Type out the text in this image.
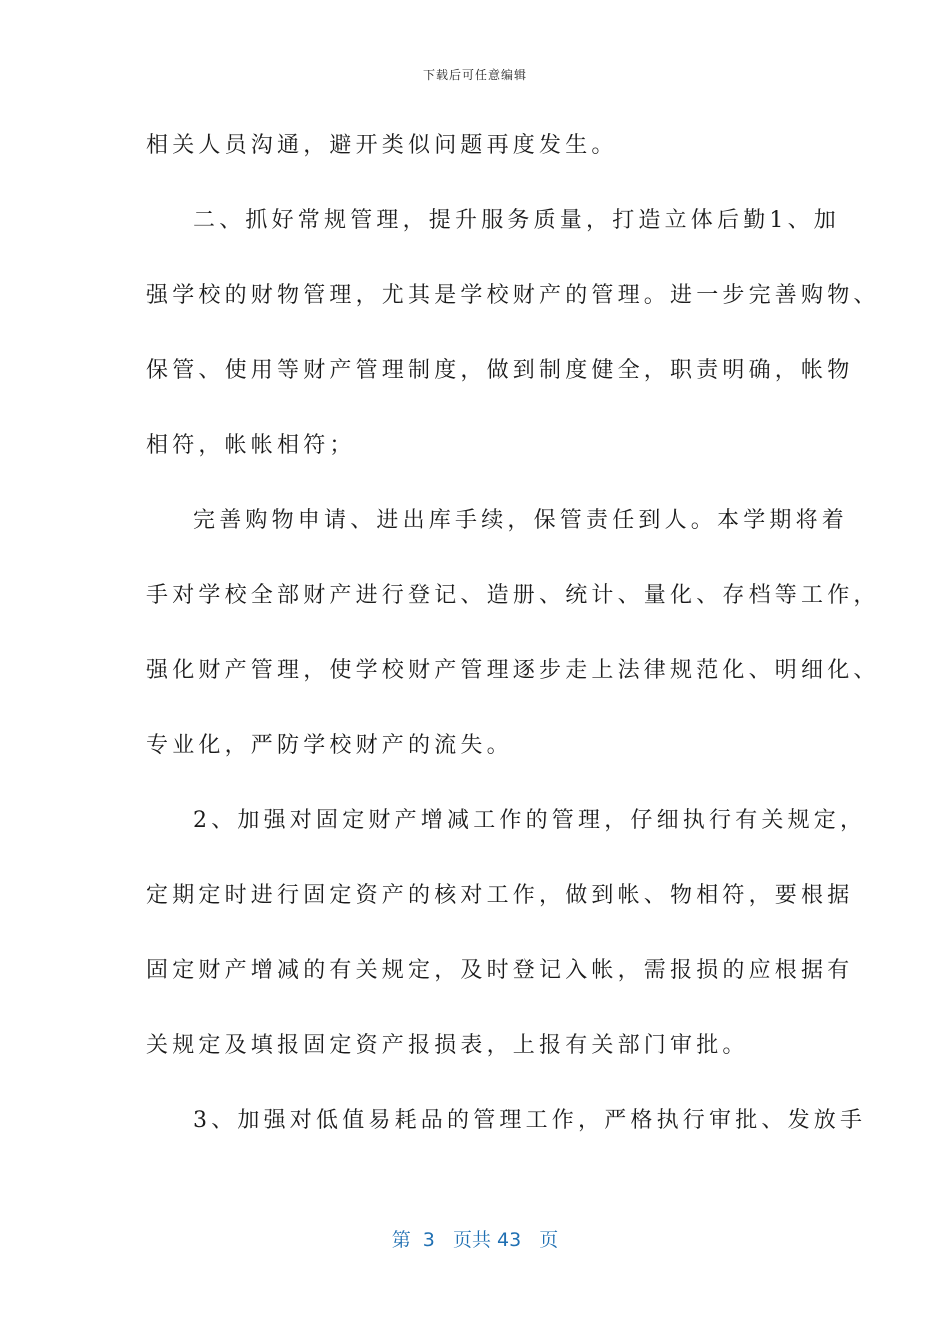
下载后可任意编辑
相关人员沟通，避开类似问题再度发生。
二、抓好常规管理，提升服务质量，打造立体后勤1、加
强学校的财物管理，尤其是学校财产的管理。进一步完善购物、
保管、使用等财产管理制度，做到制度健全，职责明确，帐物
相符，帐帐相符；
完善购物申请、进出库手续，保管责任到人。本学期将着
手对学校全部财产进行登记、造册、统计、量化、存档等工作，
强化财产管理，使学校财产管理逐步走上法律规范化、明细化、
专业化，严防学校财产的流失。
2、加强对固定财产增减工作的管理，仔细执行有关规定，
定期定时进行固定资产的核对工作，做到帐、物相符，要根据
固定财产增减的有关规定，及时登记入帐，需报损的应根据有
关规定及填报固定资产报损表，上报有关部门审批。
3、加强对低值易耗品的管理工作，严格执行审批、发放手
第  3   页共 43   页
